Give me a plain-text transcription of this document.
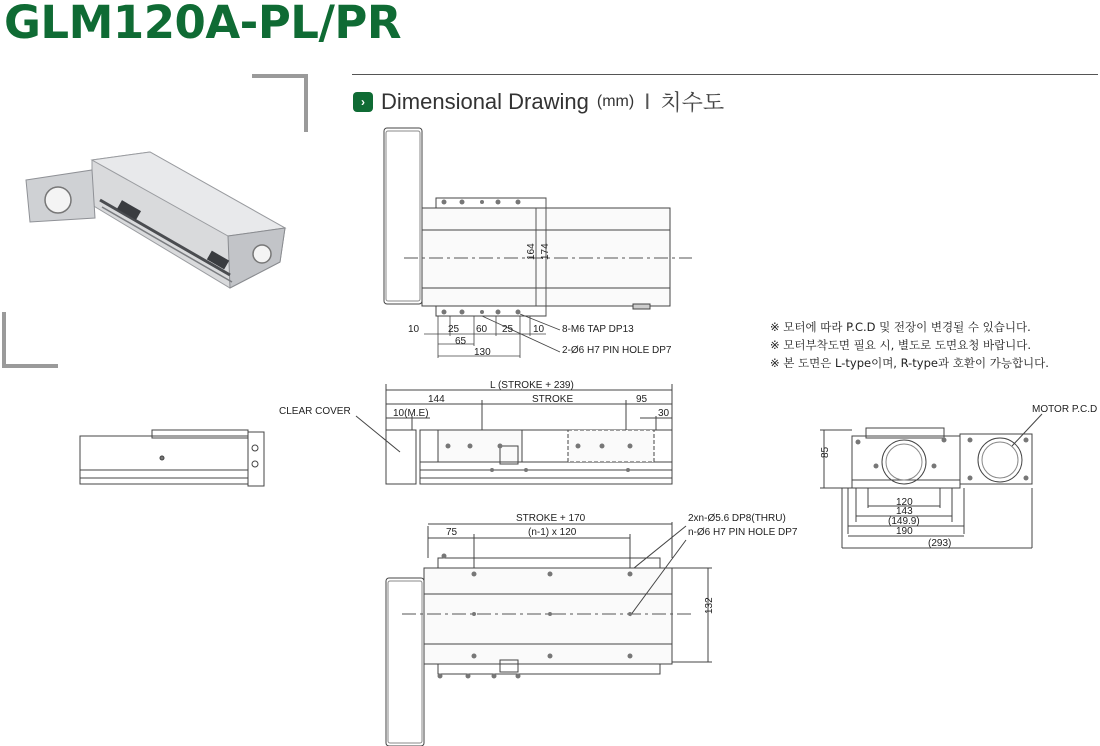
GLM120A-PL/PR
› Dimensional Drawing (mm) I 치수도
164 174
10	25 60 25 10
65
130
8-M6 TAP DP13
2-Ø6 H7 PIN HOLE DP7
L (STROKE + 239)
144	STROKE	95
10(M.E)	30
CLEAR COVER
STROKE + 170
75	(n-1) x 120
2xn-Ø5.6 DP8(THRU)
n-Ø6 H7 PIN HOLE DP7
132
MOTOR P.C.D
85
120
143
(149.9)
190
(293)
※ 모터에 따라 P.C.D 및 전장이 변경될 수 있습니다.
※ 모터부착도면 필요 시, 별도로 도면요청 바랍니다.
※ 본 도면은 L-type이며, R-type과 호환이 가능합니다.
